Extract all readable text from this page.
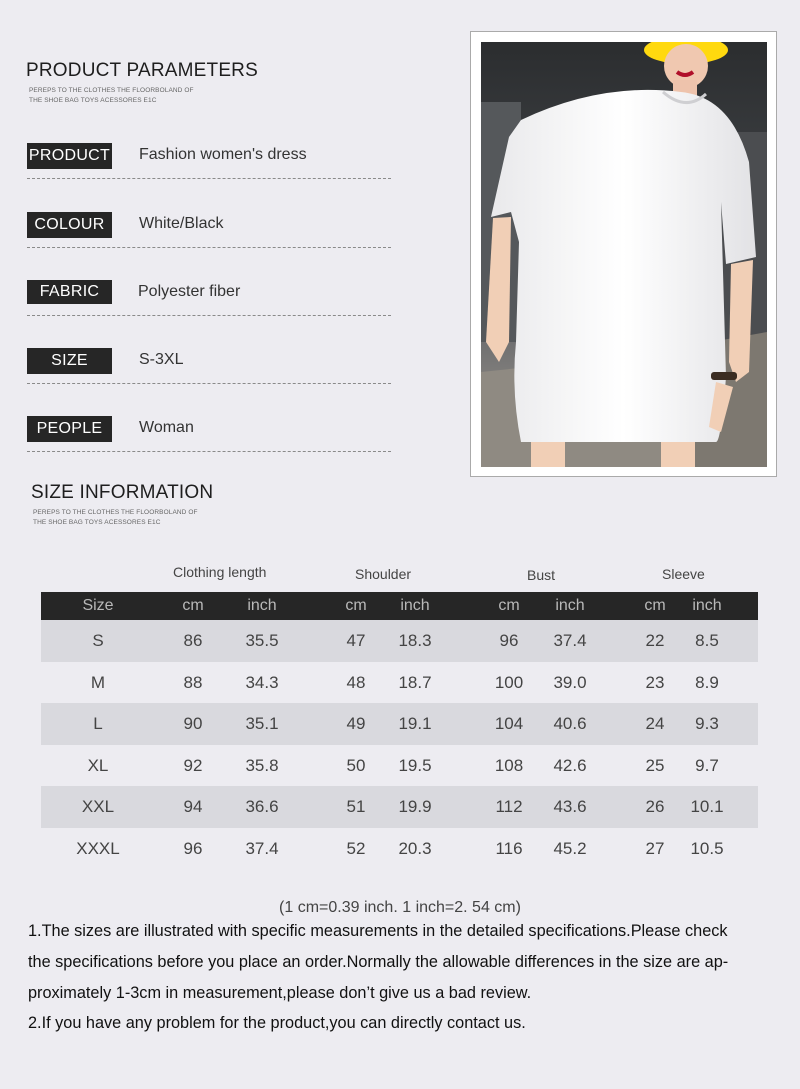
PRODUCT PARAMETERS
PEREPS TO THE CLOTHES THE FLOORBOLAND OF
THE SHOE BAG TOYS ACESSORES E1C
PRODUCT Fashion women's dress
COLOUR	White/Black
FABRIC	Polyester fiber
SIZE	S-3XL
PEOPLE	Woman
SIZE INFORMATION
PEREPS TO THE CLOTHES THE FLOORBOLAND OF
THE SHOE BAG TOYS ACESSORES E1C
Clothing length	Shoulder	Bust	Sleeve
Size	cm	inch	cm	inch	cm	inch	cm	inch
S	86	35.5	47	18.3	96	37.4	22	8.5
M	88	34.3	48	18.7	100	39.0	23	8.9
L	90	35.1	49	19.1	104	40.6	24	9.3
XL	92	35.8	50	19.5	108	42.6	25	9.7
XXL	94	36.6	51	19.9	112	43.6	26	10.1
XXXL	96	37.4	52	20.3	116	45.2	27	10.5
(1 cm=0.39 inch. 1 inch=2. 54 cm)
1.The sizes are illustrated with specific measurements in the detailed specifications.Please check
the specifications before you place an order.Normally the allowable differences in the size are ap-
proximately 1-3cm in measurement,please don’t give us a bad review.
2.If you have any problem for the product,you can directly contact us.
